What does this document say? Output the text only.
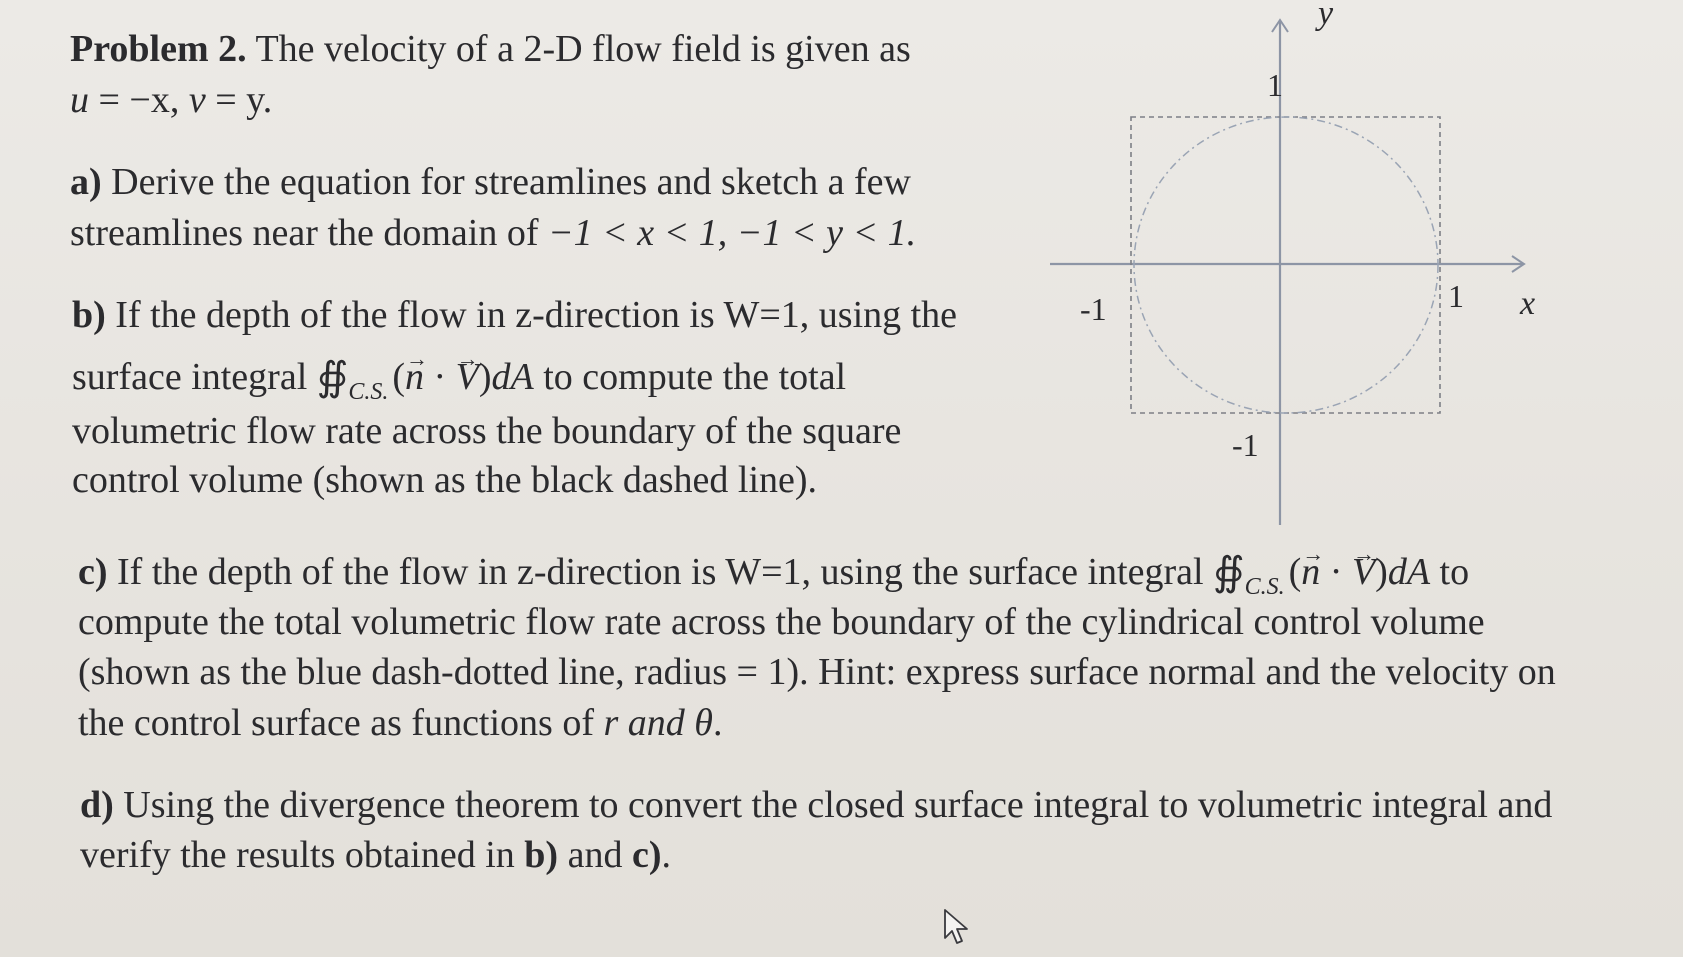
Problem 2. The velocity of a 2-D flow field is given as

u = −x, v = y.

a) Derive the equation for streamlines and sketch a few

streamlines near the domain of −1 < x < 1, −1 < y < 1.

b) If the depth of the flow in z-direction is W=1, using the

surface integral $∯_{C.S.}$ (n → · V →)dA to compute the total

volumetric flow rate across the boundary of the square

control volume (shown as the black dashed line).

c) If the depth of the flow in z-direction is W=1, using the surface integral $∯_{C.S.}$ (n → · V →)dA to

compute the total volumetric flow rate across the boundary of the cylindrical control volume

(shown as the blue dash-dotted line, radius = 1). Hint: express surface normal and the velocity on

the control surface as functions of r and θ.

d) Using the divergence theorem to convert the closed surface integral to volumetric integral and

verify the results obtained in b) and c).

y
1
-1	1 x
-1
